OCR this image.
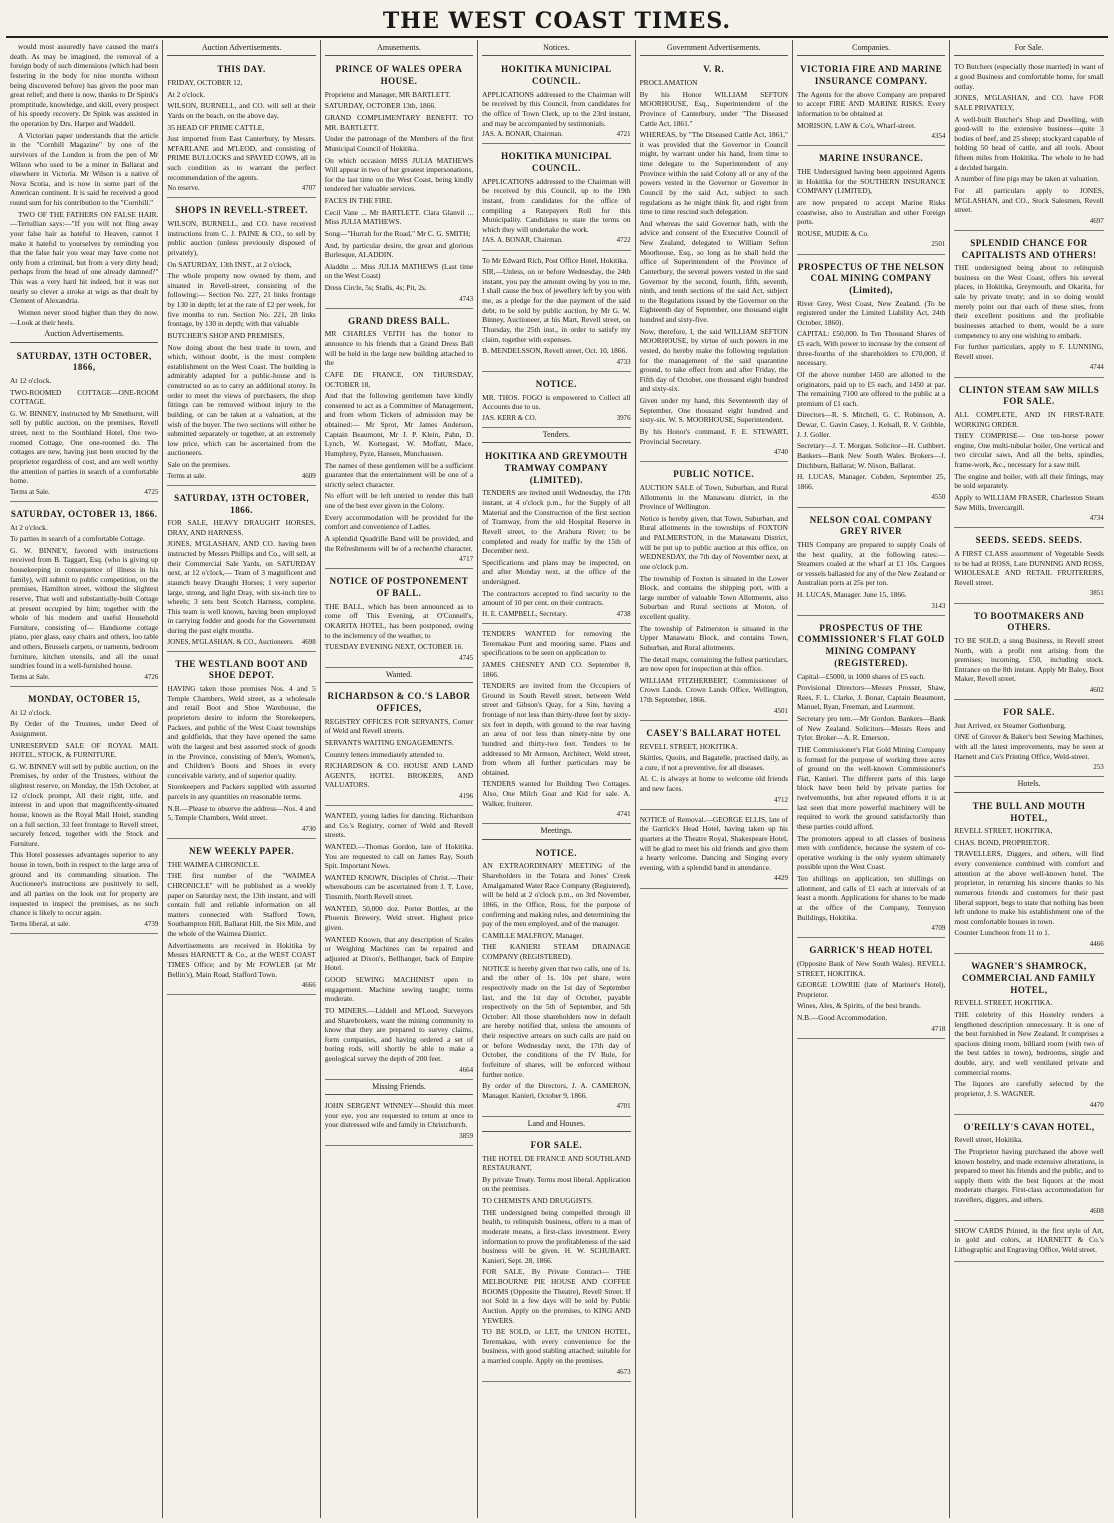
THE WEST COAST TIMES.

would most assuredly have caused the man's death. As may be imagined, the removal of a foreign body of such dimensions (which had been festering in the body for nine months without being discovered before) has given the poor man great relief; and there is now, thanks to Dr Spink's promptitude, knowledge, and skill, every prospect of his speedy recovery. Dr Spink was assisted in the operation by Drs. Harper and Waddell.

A Victorian paper understands that the article in the "Cornhill Magazine" by one of the survivors of the London is from the pen of Mr Wilson who used to be a miner in Ballarat and elsewhere in Victoria. Mr Wilson is a native of Nova Scotia, and is now in some part of the American continent. It is said he received a good round sum for his contribution to the "Cornhill."

TWO OF THE FATHERS ON FALSE HAIR.—Tertullian says:—"If you will not fling away your false hair as hateful to Heaven, cannot I make it hateful to yourselves by reminding you that the false hair you wear may have come not only from a criminal, but from a very dirty head; perhaps from the head of one already damned?" This was a very hard hit indeed, but it was not nearly so clever a stroke at wigs as that dealt by Clement of Alexandria.

Women never stood higher than they do now.—Look at their heels.

Auction Advertisements.
SATURDAY, 13TH OCTOBER, 1866,

At 12 o'clock.

TWO-ROOMED COTTAGE—ONE-ROOM COTTAGE.

G. W. BINNEY, instructed by Mr Smethurst, will sell by public auction, on the premises, Revell street, next to the Southland Hotel, One two-roomed Cottage, One one-roomed do. The cottages are new, having just been erected by the proprietor regardless of cost, and are well worthy the attention of parties in search of a comfortable home.

Terms at Sale.	4725
SATURDAY, OCTOBER 13, 1866.

At 2 o'clock.

To parties in search of a comfortable Cottage.

G. W. BINNEY, favored with instructions received from B. Taggart, Esq. (who is giving up housekeeping in consequence of illness in his family), will submit to public competition, on the premises, Hamilton street, without the slightest reserve, That well and substantially-built Cottage at present occupied by him; together with the whole of his modern and useful Household Furniture, consisting of— Handsome cottage piano, pier glass, easy chairs and others, loo table and others, Brussels carpets, or naments, bedroom furniture, kitchen utensils, and all the usual sundries found in a well-furnished house.

Terms at Sale.	4726
MONDAY, OCTOBER 15,

At 12 o'clock.

By Order of the Trustees, under Deed of Assignment.

UNRESERVED SALE OF ROYAL MAIL HOTEL, STOCK, & FURNITURE.

G. W. BINNEY will sell by public auction, on the Premises, by order of the Trustees, without the slightest reserve, on Monday, the 15th October, at 12 o'clock prompt, All their right, title, and interest in and upon that magnificently-situated house, known as the Royal Mail Hotel, standing on a full section, 33 feet frontage to Revell street, securely fenced, together with the Stock and Furniture.

This Hotel possesses advantages superior to any house in town, both in respect to the large area of ground and its commanding situation. The Auctioneer's instructions are positively to sell, and all parties on the look out for property are requested to inspect the premises, as no such chance is likely to occur again.

Terms liberal, at sale.	4739
Auction Advertisements.
THIS DAY.

FRIDAY, OCTOBER 12,

At 2 o'clock.

WILSON, BURNELL, and CO. will sell at their Yards on the beach, on the above day,

35 HEAD OF PRIME CATTLE,

Just imported from East Canterbury, by Messrs. M'FARLANE and M'LEOD, and consisting of PRIME BULLOCKS and SPAYED COWS, all in such condition as to warrant the perfect recommendation of the agents.

No reserve.	4707
SHOPS IN REVELL-STREET.

WILSON, BURNELL, and CO. have received instructions from C. J. PAINE & CO., to sell by public auction (unless previously disposed of privately),

On SATURDAY, 13th INST., at 2 o'clock,

The whole property now owned by them, and situated in Revell-street, consisting of the following:— Section No. 227, 21 links frontage by 130 in depth; let at the rate of £2 per week, for five months to run. Section No. 221, 28 links frontage, by 130 in depth; with that valuable

BUTCHER'S SHOP AND PREMISES,

Now doing about the best trade in town, and which, without doubt, is the most complete establishment on the West Coast. The building is admirably adapted for a public-house and is constructed so as to carry an additional storey. In order to meet the views of purchasers, the shop fittings can be removed without injury to the building, or can be taken at a valuation, at the wish of the buyer. The two sections will either be submitted separately or together, at an extremely low price, which can be ascertained from the auctioneers.

Sale on the premises.

Terms at sale.	4609
SATURDAY, 13TH OCTOBER, 1866.

FOR SALE, HEAVY DRAUGHT HORSES, DRAY, AND HARNESS.

JONES, M'GLASHAN, AND CO. having been instructed by Messrs Phillips and Co., will sell, at their Commercial Sale Yards, on SATURDAY next, at 12 o'clock,— Team of 3 magnificent and staunch heavy Draught Horses; 1 very superior large, strong, and light Dray, with six-inch tire to wheels; 3 sets best Scotch Harness, complete. This team is well known, having been employed in carrying fodder and goods for the Government during the past eight months.

JONES, M'GLASHAN, & CO., Auctioneers. 4698
THE WESTLAND BOOT AND SHOE DEPOT.

HAVING taken those premises Nos. 4 and 5 Temple Chambers, Weld street, as a wholesale and retail Boot and Shoe Warehouse, the proprietors desire to inform the Storekeepers, Packers, and public of the West Coast townships and goldfields, that they have opened the same with the largest and best assorted stock of goods in the Province, consisting of Men's, Women's, and Children's Boots and Shoes in every conceivable variety, and of superior quality.

Storekeepers and Packers supplied with assorted parcels in any quantities on reasonable terms.

N.B.—Please to observe the address—Nos. 4 and 5, Temple Chambers, Weld street.

4730
NEW WEEKLY PAPER.

THE WAIMEA CHRONICLE.

THE first number of the "WAIMEA CHRONICLE" will be published as a weekly paper on Saturday next, the 13th instant, and will contain full and reliable information on all matters connected with Stafford Town, Southampton Hill, Ballarat Hill, the Six Mile, and the whole of the Waimea District.

Advertisements are received in Hokitika by Messrs HARNETT & Co., at the WEST COAST TIMES Office; and by Mr FOWLER (at Mr Bellin's), Main Road, Stafford Town.

4666
Amusements.
PRINCE OF WALES OPERA HOUSE.

Proprietor and Manager, MR BARTLETT.

SATURDAY, OCTOBER 13th, 1866.

GRAND COMPLIMENTARY BENEFIT. TO MR. BARTLETT.

Under the patronage of the Members of the first Municipal Council of Hokitika.

On which occasion MISS JULIA MATHEWS Will appear in two of her greatest impersonations, for the last time on the West Coast, being kindly tendered her valuable services.

FACES IN THE FIRE.

Cecil Vane ... Mr BARTLETT. Clara Glanvil ... Miss JULIA MATHEWS.

Song—"Hurrah for the Road," Mr C. G. SMITH;

And, by particular desire, the great and glorious Burlesque, ALADDIN.

Aladdin ... Miss JULIA MATHEWS (Last time on the West Coast)

Dress Circle, 5s; Stalls, 4s; Pit, 2s.

4743
GRAND DRESS BALL.

MR CHARLES VEITH has the honor to announce to his friends that a Grand Dress Ball will be held in the large new building attached to the

CAFE DE FRANCE, ON THURSDAY, OCTOBER 18,

And that the following gentlemen have kindly consented to act as a Committee of Management, and from whom Tickets of admission may be obtained:— Mr Sprot, Mr James Anderson, Captain Beaumont, Mr J. P. Klein, Pahn, D. Lynch, W. Kortegast, W. Moffatt, Mace, Humphrey, Pyze, Hansen, Munchausen.

The names of these gentlemen will be a sufficient guarantee that the entertainment will be one of a strictly select character.

No effort will be left untried to render this ball one of the best ever given in the Colony.

Every accommodation will be provided for the comfort and convenience of Ladies.

A splendid Quadrille Band will be provided, and the Refreshments will be of a recherché character.

4717
NOTICE OF POSTPONEMENT OF BALL.

THE BALL, which has been announced as to come off This Evening, at O'Connell's, OKARITA HOTEL, has been postponed, owing to the inclemency of the weather, to

TUESDAY EVENING NEXT, OCTOBER 16.

4745
Wanted.
RICHARDSON & CO.'S LABOR OFFICES,

REGISTRY OFFICES FOR SERVANTS, Corner of Weld and Revell streets.

SERVANTS WAITING ENGAGEMENTS.

Country letters immediately attended to.

RICHARDSON & CO. HOUSE AND LAND AGENTS, HOTEL BROKERS, AND VALUATORS.

4196

WANTED, young ladies for dancing. Richardson and Co.'s Registry, corner of Weld and Revell streets.

WANTED.—Thomas Gordon, late of Hokitika. You are requested to call on James Ray, South Spit. Important News.

WANTED KNOWN, Disciples of Christ.—Their whereabouts can be ascertained from J. T. Love, Tinsmith, North Revell street.

WANTED, 50,000 doz. Porter Bottles, at the Phoenix Brewery, Weld street. Highest price given.

WANTED Known, that any description of Scales or Weighing Machines can be repaired and adjusted at Dixon's, Bellhanger, back of Empire Hotel.

GOOD SEWING MACHINIST open to engagement. Machine sewing taught; terms moderate.

TO MINERS.—Liddell and M'Leod, Surveyors and Sharebrokers, want the mining community to know that they are prepared to survey claims, form companies, and having ordered a set of boring rods, will shortly be able to make a geological survey the depth of 200 feet.

4664
Missing Friends.

JOHN SERGENT WINNEY—Should this meet your eye, you are requested to return at once to your distressed wife and family in Christchurch.

3859
Notices.
HOKITIKA MUNICIPAL COUNCIL.

APPLICATIONS addressed to the Chairman will be received by this Council, from candidates for the office of Town Clerk, up to the 23rd instant, and may be accompanied by testimonials.

JAS. A. BONAR, Chairman.	4721
HOKITIKA MUNICIPAL COUNCIL.

APPLICATIONS addressed to the Chairman will be received by this Council, up to the 19th instant, from candidates for the office of compiling a Ratepayers Roll for this Municipality. Candidates to state the terms on which they will undertake the work.

JAS. A. BONAR, Chairman.	4722

To Mr Edward Rich, Post Office Hotel, Hokitika.

SIR,—Unless, on or before Wednesday, the 24th instant, you pay the amount owing by you to me, I shall cause the box of jewellery left by you with me, as a pledge for the due payment of the said debt, to be sold by public auction, by Mr G. W. Binney, Auctioneer, at his Mart, Revell street, on Thursday, the 25th inst., in order to satisfy my claim, together with expenses.

B. MENDELSSON, Revell street, Oct. 10, 1866.

4733
NOTICE.

MR. THOS. FOGO is empowered to Collect all Accounts due to us.

JAS. KERR & CO.	3976
Tenders.
HOKITIKA AND GREYMOUTH TRAMWAY COMPANY (LIMITED).

TENDERS are invited until Wednesday, the 17th instant, at 4 o'clock p.m., for the Supply of all Material and the Construction of the first section of Tramway, from the old Hospital Reserve in Revell street, to the Arahura River; to be completed and ready for traffic by the 15th of December next.

Specifications and plans may be inspected, on and after Monday next, at the office of the undersigned.

The contractors accepted to find security to the amount of 10 per cent. on their contracts.

H. E. CAMPBELL, Secretary.	4738

TENDERS WANTED for removing the Teremakau Punt and mooring same. Plans and specifications to be seen on application to

JAMES CHESNEY AND CO. September 8, 1866.

TENDERS are invited from the Occupiers of Ground in South Revell street, between Weld street and Gibson's Quay, for a Site, having a frontage of not less than thirty-three feet by sixty-six feet in depth, with ground to the rear having an area of not less than ninety-nine by one hundred and thirty-two feet. Tenders to be addressed to Mr Armson, Architect, Weld street, from whom all further particulars may be obtained.

TENDERS wanted for Building Two Cottages. Also, One Milch Goat and Kid for sale. A. Walker, fruiterer.

4741
Meetings.
NOTICE.

AN EXTRAORDINARY MEETING of the Shareholders in the Totara and Jones' Creek Amalgamated Water Race Company (Registered), will be held at 2 o'clock p.m., on 3rd November, 1866, in the Office, Ross, for the purpose of confirming and making rules, and determining the pay of the men employed, and of the manager.

CAMILLE MALFROY, Manager.

THE KANIERI STEAM DRAINAGE COMPANY (REGISTERED).

NOTICE is hereby given that two calls, one of 1s. and the other of 1s. 10s per share, were respectively made on the 1st day of September last, and the 1st day of October, payable respectively on the 5th of September, and 5th October: All those shareholders now in default are hereby notified that, unless the amounts of their respective arrears on such calls are paid on or before Wednesday next, the 17th day of October, the conditions of the IV Rule, for forfeiture of shares, will be enforced without further notice.

By order of the Directors, J. A. CAMERON, Manager. Kanieri, October 9, 1866.

4701
Land and Houses.
FOR SALE.

THE HOTEL DE FRANCE AND SOUTHLAND RESTAURANT,

By private Treaty. Terms most liberal. Application on the premises.

TO CHEMISTS AND DRUGGISTS.

THE undersigned being compelled through ill health, to relinquish business, offers to a man of moderate means, a first-class investment. Every information to prove the profitableness of the said business will be given. H. W. SCHUBART. Kanieri, Sept. 28, 1866.

FOR SALE, By Private Contract— THE MELBOURNE PIE HOUSE AND COFFEE ROOMS (Opposite the Theatre), Revell Street. If not Sold in a few days will be sold by Public Auction. Apply on the premises, to KING AND YEWERS.

TO BE SOLD, or LET, the UNION HOTEL, Teremakau, with every convenience for the business, with good stabling attached; suitable for a married couple. Apply on the premises.

4673
Government Advertisements.
V. R.

PROCLAMATION

By his Honor WILLIAM SEFTON MOORHOUSE, Esq., Superintendent of the Province of Canterbury, under "The Diseased Cattle Act, 1861."

WHEREAS, by "The Diseased Cattle Act, 1861," it was provided that the Governor in Council might, by warrant under his hand, from time to time delegate to the Superintendent of any Province within the said Colony all or any of the powers vested in the Governor or Governor in Council by the said Act, subject to such regulations as he might think fit, and right from time to time rescind such delegation.

And whereas the said Governor hath, with the advice and consent of the Executive Council of New Zealand, delegated to William Sefton Moorhouse, Esq., so long as he shall hold the office of Superintendent of the Province of Canterbury, the several powers vested in the said Governor by the second, fourth, fifth, seventh, ninth, and tenth sections of the said Act, subject to the Regulations issued by the Governor on the Eighteenth day of September, one thousand eight hundred and sixty-five.

Now, therefore, I, the said WILLIAM SEFTON MOORHOUSE, by virtue of such powers in me vested, do hereby make the following regulation for the management of the said quarantine ground, to take effect from and after Friday, the Fifth day of October, one thousand eight hundred and sixty-six.

Given under my hand, this Seventeenth day of September, One thousand eight hundred and sixty-six. W. S. MOORHOUSE, Superintendent.

By his Honor's command, F. E. STEWART, Provincial Secretary.

4740
PUBLIC NOTICE.

AUCTION SALE of Town, Suburban, and Rural Allotments in the Manawatu district, in the Province of Wellington.

Notice is hereby given, that Town, Suburban, and Rural allotments in the townships of FOXTON and PALMERSTON, in the Manawatu District, will be put up to public auction at this office, on WEDNESDAY, the 7th day of November next, at one o'clock p.m.

The township of Foxton is situated in the Lower Block, and contains the shipping port, with a large number of valuable Town Allotments, also Suburban and Rural sections at Moton, of excellent quality.

The township of Palmerston is situated in the Upper Manawatu Block, and contains Town, Suburban, and Rural allotments.

The detail maps, containing the fullest particulars, are now open for inspection at this office.

WILLIAM FITZHERBERT, Commissioner of Crown Lands. Crown Lands Office, Wellington, 17th September, 1866.

4501
CASEY'S BALLARAT HOTEL

REVELL STREET, HOKITIKA.

Skittles, Quoits, and Bagatelle, practised daily, as a cure, if not a preventive, for all diseases.

Al. C. is always at home to welcome old friends and new faces.

4712

NOTICE of Removal.—GEORGE ELLIS, late of the Garrick's Head Hotel, having taken up his quarters at the Theatre Royal, Shakespeare Hotel, will be glad to meet his old friends and give them a hearty welcome. Dancing and Singing every evening, with a splendid band in attendance.

4429
Companies.
VICTORIA FIRE AND MARINE INSURANCE COMPANY.

The Agents for the above Company are prepared to accept FIRE AND MARINE RISKS. Every information to be obtained at

MORISON, LAW & Co's, Wharf-street.

4354
MARINE INSURANCE.

THE Undersigned having been appointed Agents in Hokitika for the SOUTHERN INSURANCE COMPANY (LIMITED),

are now prepared to accept Marine Risks coastwise, also to Australian and other Foreign ports.

ROUSE, MUDIE & Co.

2501
PROSPECTUS OF THE NELSON COAL MINING COMPANY (Limited),

River Grey, West Coast, New Zealand. (To be registered under the Limited Liability Act, 24th October, 1860).

CAPITAL: £50,000. In Ten Thousand Shares of £5 each, With power to increase by the consent of three-fourths of the shareholders to £70,000, if necessary.

Of the above number 1450 are allotted to the originators, paid up to £5 each, and 1450 at par. The remaining 7100 are offered to the public at a premium of £1 each.

Directors—R. S. Mitchell, G. C. Robinson, A. Dewar, C. Gavin Casey, J. Kelsall, R. V. Gribble, J. J. Goller.

Secretary—J. T. Morgan. Solicitor—H. Cuthbert. Bankers—Bank New South Wales. Brokers—J. Ditchburn, Ballarat; W. Nixon, Ballarat.

H. LUCAS, Manager. Cobden, September 25, 1866.

4550
NELSON COAL COMPANY GREY RIVER

THIS Company are prepared to supply Coals of the best quality, at the following rates:— Steamers coaled at the wharf at £1 10s. Cargoes or vessels ballasted for any of the New Zealand or Australian ports at 25s per ton.

H. LUCAS, Manager. June 15, 1866.

3143
PROSPECTUS OF THE COMMISSIONER'S FLAT GOLD MINING COMPANY (REGISTERED).

Capital—£5000, in 1000 shares of £5 each.

Provisional Directors—Messrs Prosser, Shaw, Rees, F. L. Clarke, J. Bonar, Captain Beaumont, Manuel, Ryan, Freeman, and Learmont.

Secretary pro tem.—Mr Gordon. Bankers—Bank of New Zealand. Solicitors—Messrs Rees and Tyler. Broker—A. R. Emerson.

THE Commissioner's Flat Gold Mining Company is formed for the purpose of working three acres of ground on the well-known Commissioner's Flat, Kanieri. The different parts of this large block have been held by private parties for twelvemonths, but after repeated efforts it is at last seen that more powerful machinery will be required to work the ground satisfactorily than these parties could afford.

The promoters appeal to all classes of business men with confidence, because the system of co-operative working is the only system ultimately possible upon the West Coast.

Ten shillings on application, ten shillings on allotment, and calls of £1 each at intervals of at least a month. Applications for shares to be made at the office of the Company, Tennyson Buildings, Hokitika.

4709
GARRICK'S HEAD HOTEL

(Opposite Bank of New South Wales). REVELL STREET, HOKITIKA.

GEORGE LOWRIE (late of Mariner's Hotel), Proprietor.

Wines, Ales, & Spirits, of the best brands.

N.B.—Good Accommodation.

4718
For Sale.

TO Butchers (especially those married) in want of a good Business and comfortable home, for small outlay.

JONES, M'GLASHAN, and CO. have FOR SALE PRIVATELY,

A well-built Butcher's Shop and Dwelling, with good-will to the extensive business—quite 3 bodies of beef, and 25 sheep; stockyard capable of holding 50 head of cattle, and all tools. About fifteen miles from Hokitika. The whole to be had a decided bargain.

A number of fine pigs may be taken at valuation.

For all particulars apply to JONES, M'GLASHAN, and CO., Stock Salesmen, Revell street.

4697
SPLENDID CHANCE FOR CAPITALISTS AND OTHERS!

THE undersigned being about to relinquish business on the West Coast, offers his several places, in Hokitika, Greymouth, and Okarita, for sale by private treaty; and in so doing would merely point out that each of these sites, from their excellent positions and the profitable businesses attached to them, would be a sure competency to any one wishing to embark.

For further particulars, apply to F. LUNNING, Revell street.

4744
CLINTON STEAM SAW MILLS FOR SALE.

ALL COMPLETE, AND IN FIRST-RATE WORKING ORDER.

THEY COMPRISE— One ten-horse power engine, One multi-tubular boiler, One vertical and two circular saws, And all the belts, spindles, frame-work, &c., necessary for a saw mill.

The engine and boiler, with all their fittings, may be sold separately.

Apply to WILLIAM FRASER, Charleston Steam Saw Mills, Invercargill.

4734
SEEDS. SEEDS. SEEDS.

A FIRST CLASS assortment of Vegetable Seeds to be had at ROSS, Late DUNNING AND ROSS, WHOLESALE AND RETAIL FRUITERERS, Revell street.

3851
TO BOOTMAKERS AND OTHERS.

TO BE SOLD, a snug Business, in Revell street North, with a profit rent arising from the premises; incoming, £50, including stock. Entrance on the 8th instant. Apply Mr Baley, Boot Maker, Revell street.

4602
FOR SALE.

Just Arrived, ex Steamer Gothenburg,

ONE of Grover & Baker's best Sewing Machines, with all the latest improvements, may be seen at Harnett and Co's Printing Office, Weld-street.

253
Hotels.
THE BULL AND MOUTH HOTEL,

REVELL STREET, HOKITIKA,

CHAS. BOND, PROPRIETOR.

TRAVELLERS, Diggers, and others, will find every convenience combined with comfort and attention at the above well-known hotel. The proprietor, in returning his sincere thanks to his numerous friends and customers for their past liberal support, begs to state that nothing has been left undone to make his establishment one of the most comfortable houses in town.

Counter Luncheon from 11 to 1.

4466
WAGNER'S SHAMROCK, COMMERCIAL AND FAMILY HOTEL,

REVELL STREET, HOKITIKA.

THE celebrity of this Hostelry renders a lengthened description unnecessary. It is one of the best furnished in New Zealand. It comprises a spacious dining room, billiard room (with two of the best tables in town), bedrooms, single and double, airy, and well ventilated private and commercial rooms.

The liquors are carefully selected by the proprietor, J. S. WAGNER.

4470
O'REILLY'S CAVAN HOTEL,

Revell street, Hokitika.

The Proprietor having purchased the above well known hostelry, and made extensive alterations, is prepared to meet his friends and the public, and to supply them with the best liquors at the most moderate charges. First-class accommodation for travellers, diggers, and others.

4608

SHOW CARDS Printed, in the first style of Art, in gold and colors, at HARNETT & Co.'s Lithographic and Engraving Office, Weld street.
